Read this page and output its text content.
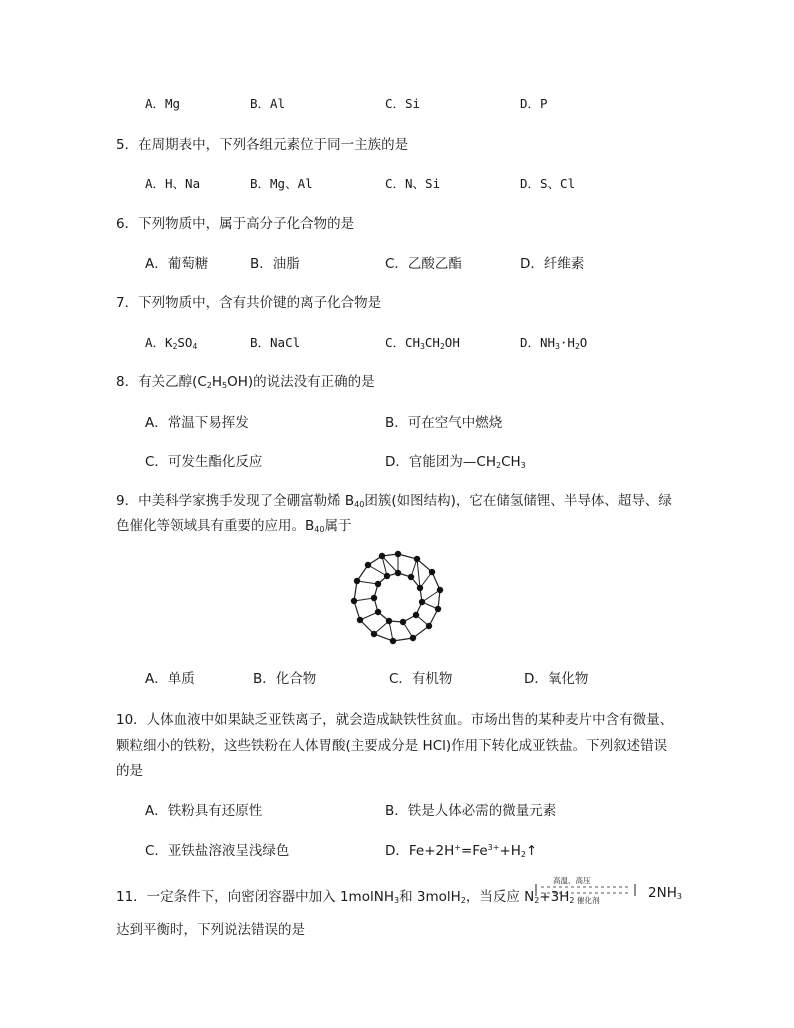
A．Mg	B．Al	C．Si	D．P
5．在周期表中，下列各组元素位于同一主族的是
A．H、Na	B．Mg、Al	C．N、Si	D．S、Cl
6．下列物质中，属于高分子化合物的是
A．葡萄糖	B．油脂	C．乙酸乙酯	D．纤维素
7．下列物质中，含有共价键的离子化合物是
A．$K_2SO_4$	B．NaCl	C．$CH_3CH_2OH$	D．$NH_3\cdot H_2O$
8．有关乙醇$(C_2H_5OH)$的说法没有正确的是
A．常温下易挥发	B．可在空气中燃烧
C．可发生酯化反应	D．官能团为$—CH_2CH_3$
9．中美科学家携手发现了全硼富勒烯 $B_{40}$团簇(如图结构)，它在储氢储锂、半导体、超导、绿
色催化等领域具有重要的应用。$B_{40}$属于
A．单质	B．化合物	C．有机物	D．氧化物
10．人体血液中如果缺乏亚铁离子，就会造成缺铁性贫血。市场出售的某种麦片中含有微量、
颗粒细小的铁粉，这些铁粉在人体胃酸(主要成分是 HCl)作用下转化成亚铁盐。下列叙述错误
的是
A．铁粉具有还原性	B．铁是人体必需的微量元素
C．亚铁盐溶液呈浅绿色	D．$Fe+2H^+=Fe^{3+}+H_2↑$
11．一定条件下，向密闭容器中加入 1molNH$_3$和 3molH$_2$，当反应 $N_2+3H_2$
高温、高压
催化剂	$2NH_3$
达到平衡时，下列说法错误的是
